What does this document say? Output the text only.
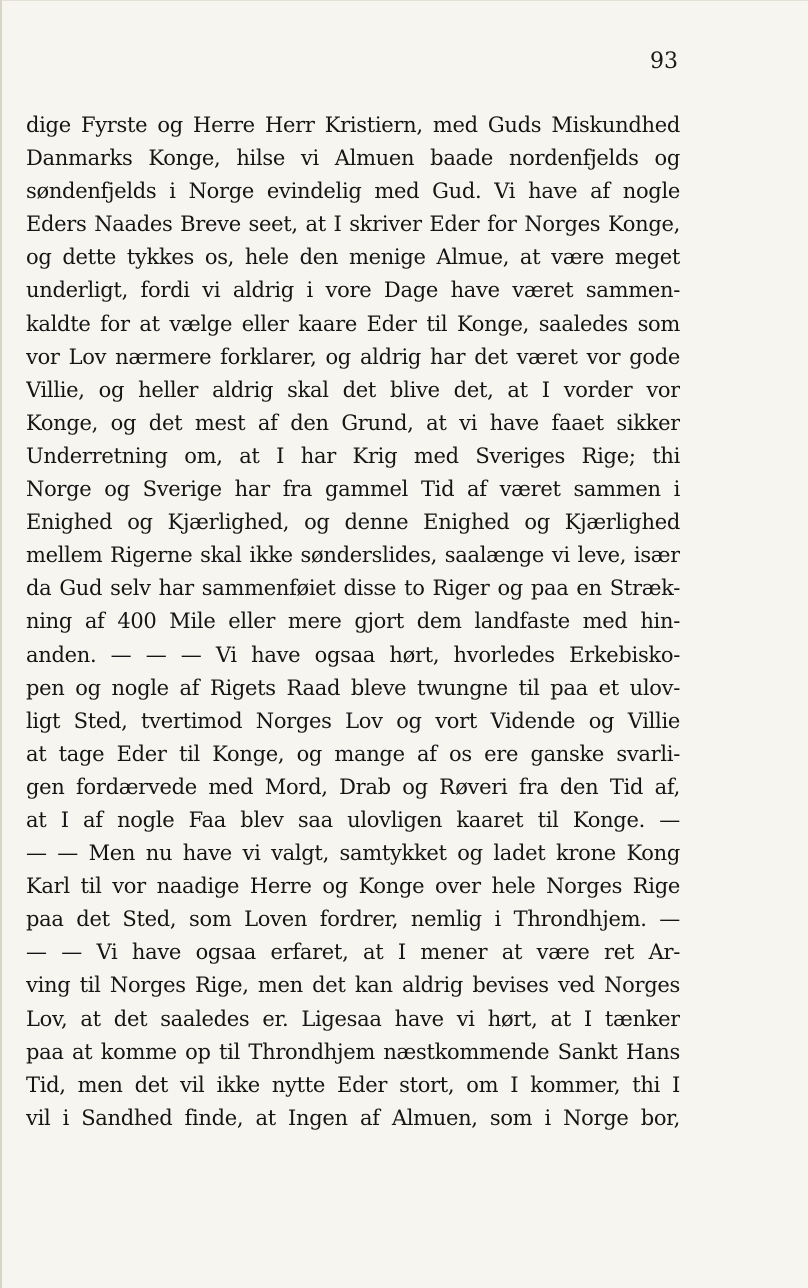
93
dige Fyrste og Herre Herr Kristiern, med Guds Miskundhed
Danmarks Konge, hilse vi Almuen baade nordenfjelds og
søndenfjelds i Norge evindelig med Gud. Vi have af nogle
Eders Naades Breve seet, at I skriver Eder for Norges Konge,
og dette tykkes os, hele den menige Almue, at være meget
underligt, fordi vi aldrig i vore Dage have været sammen-
kaldte for at vælge eller kaare Eder til Konge, saaledes som
vor Lov nærmere forklarer, og aldrig har det været vor gode
Villie, og heller aldrig skal det blive det, at I vorder vor
Konge, og det mest af den Grund, at vi have faaet sikker
Underretning om, at I har Krig med Sveriges Rige; thi
Norge og Sverige har fra gammel Tid af været sammen i
Enighed og Kjærlighed, og denne Enighed og Kjærlighed
mellem Rigerne skal ikke sønderslides, saalænge vi leve, især
da Gud selv har sammenføiet disse to Riger og paa en Stræk-
ning af 400 Mile eller mere gjort dem landfaste med hin-
anden. — — — Vi have ogsaa hørt, hvorledes Erkebisko-
pen og nogle af Rigets Raad bleve twungne til paa et ulov-
ligt Sted, tvertimod Norges Lov og vort Vidende og Villie
at tage Eder til Konge, og mange af os ere ganske svarli-
gen fordærvede med Mord, Drab og Røveri fra den Tid af,
at I af nogle Faa blev saa ulovligen kaaret til Konge. —
— — Men nu have vi valgt, samtykket og ladet krone Kong
Karl til vor naadige Herre og Konge over hele Norges Rige
paa det Sted, som Loven fordrer, nemlig i Throndhjem. —
— — Vi have ogsaa erfaret, at I mener at være ret Ar-
ving til Norges Rige, men det kan aldrig bevises ved Norges
Lov, at det saaledes er. Ligesaa have vi hørt, at I tænker
paa at komme op til Throndhjem næstkommende Sankt Hans
Tid, men det vil ikke nytte Eder stort, om I kommer, thi I
vil i Sandhed finde, at Ingen af Almuen, som i Norge bor,
